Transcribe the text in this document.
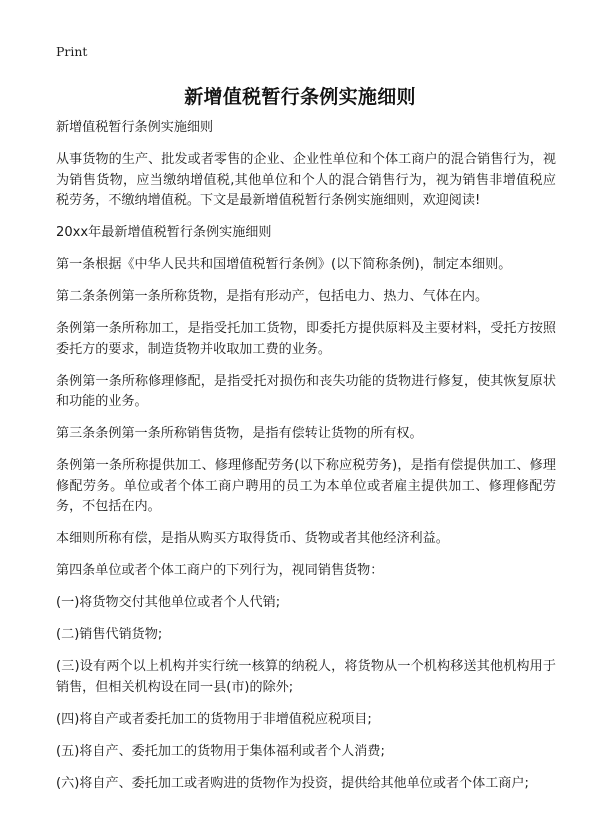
Print
新增值税暂行条例实施细则

新增值税暂行条例实施细则

从事货物的生产、批发或者零售的企业、企业性单位和个体工商户的混合销售行为，视为销售货物，应当缴纳增值税,其他单位和个人的混合销售行为，视为销售非增值税应税劳务，不缴纳增值税。下文是最新增值税暂行条例实施细则，欢迎阅读!

20xx年最新增值税暂行条例实施细则

第一条根据《中华人民共和国增值税暂行条例》(以下简称条例)，制定本细则。

第二条条例第一条所称货物，是指有形动产，包括电力、热力、气体在内。

条例第一条所称加工，是指受托加工货物，即委托方提供原料及主要材料，受托方按照委托方的要求，制造货物并收取加工费的业务。

条例第一条所称修理修配，是指受托对损伤和丧失功能的货物进行修复，使其恢复原状和功能的业务。

第三条条例第一条所称销售货物，是指有偿转让货物的所有权。

条例第一条所称提供加工、修理修配劳务(以下称应税劳务)，是指有偿提供加工、修理修配劳务。单位或者个体工商户聘用的员工为本单位或者雇主提供加工、修理修配劳务，不包括在内。

本细则所称有偿，是指从购买方取得货币、货物或者其他经济利益。

第四条单位或者个体工商户的下列行为，视同销售货物：

(一)将货物交付其他单位或者个人代销;

(二)销售代销货物;

(三)设有两个以上机构并实行统一核算的纳税人，将货物从一个机构移送其他机构用于销售，但相关机构设在同一县(市)的除外;

(四)将自产或者委托加工的货物用于非增值税应税项目;

(五)将自产、委托加工的货物用于集体福利或者个人消费;

(六)将自产、委托加工或者购进的货物作为投资，提供给其他单位或者个体工商户;
